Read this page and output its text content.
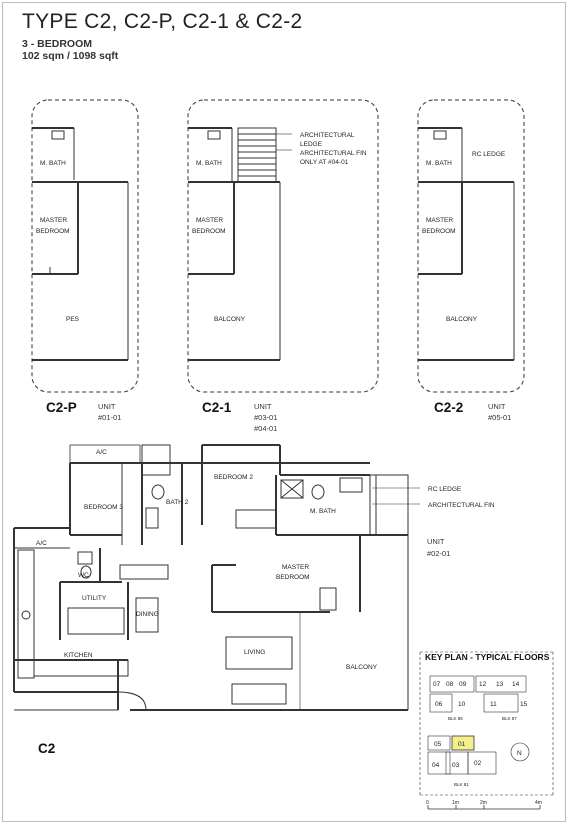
TYPE C2, C2-P, C2-1 & C2-2
3 - BEDROOM
102 sqm / 1098 sqft
C2-P	UNIT
#01-01
C2-1	UNIT
#03-01
#04-01
C2-2	UNIT
#05-01
UNIT
#02-01
C2
KEY PLAN - TYPICAL FLOORS
M. BATH
MASTER
BEDROOM
PES
M. BATH
MASTER
BEDROOM
BALCONY
ARCHITECTURAL
LEDGE
ARCHITECTURAL FIN
ONLY AT #04-01	M. BATH
RC LEDGE
MASTER
BEDROOM
BALCONY
A/C
BEDROOM 3
BATH 2
BEDROOM 2
M. BATH
A/C
WC
UTILITY
DINING
MASTER
BEDROOM
KITCHEN	LIVING
BALCONY
RC LEDGE
ARCHITECTURAL FIN
07 08 09 12 13 14
06 10	11	15
05	01
04 03 02
BLK 85	BLK 87
BLK 81
N
0	1m	2m	4m
